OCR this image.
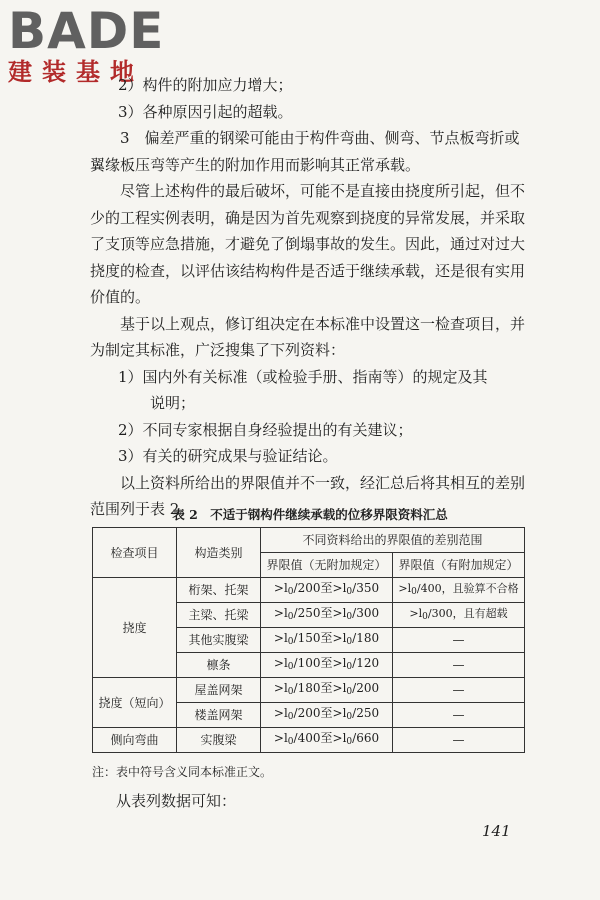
BADE
建装基地

2）构件的附加应力增大；

3）各种原因引起的超载。

3　偏差严重的钢梁可能由于构件弯曲、侧弯、节点板弯折或翼缘板压弯等产生的附加作用而影响其正常承载。

尽管上述构件的最后破坏，可能不是直接由挠度所引起，但不少的工程实例表明，确是因为首先观察到挠度的异常发展，并采取了支顶等应急措施，才避免了倒塌事故的发生。因此，通过对过大挠度的检查，以评估该结构构件是否适于继续承载，还是很有实用价值的。

基于以上观点，修订组决定在本标准中设置这一检查项目，并为制定其标准，广泛搜集了下列资料：

1）国内外有关标准（或检验手册、指南等）的规定及其

说明；

2）不同专家根据自身经验提出的有关建议；

3）有关的研究成果与验证结论。

以上资料所给出的界限值并不一致，经汇总后将其相互的差别范围列于表 2。

表 2　不适于钢构件继续承载的位移界限资料汇总
检查项目	构造类别	不同资料给出的界限值的差别范围	
		界限值（无附加规定）	界限值（有附加规定）
挠度	桁架、托架	$>l_0/200$至$>l_0/350$	$>l_0/400$，且验算不合格
	主梁、托梁	$>l_0/250$至$>l_0/300$	$>l_0/300$，且有超载
	其他实腹梁	$>l_0/150$至$>l_0/180$	—
	檩条	$>l_0/100$至$>l_0/120$	—
挠度（短向）	屋盖网架	$>l_0/180$至$>l_0/200$	—
	楼盖网架	$>l_0/200$至$>l_0/250$	—
侧向弯曲	实腹梁	$>l_0/400$至$>l_0/660$	—
注：表中符号含义同本标准正文。
从表列数据可知：
141
